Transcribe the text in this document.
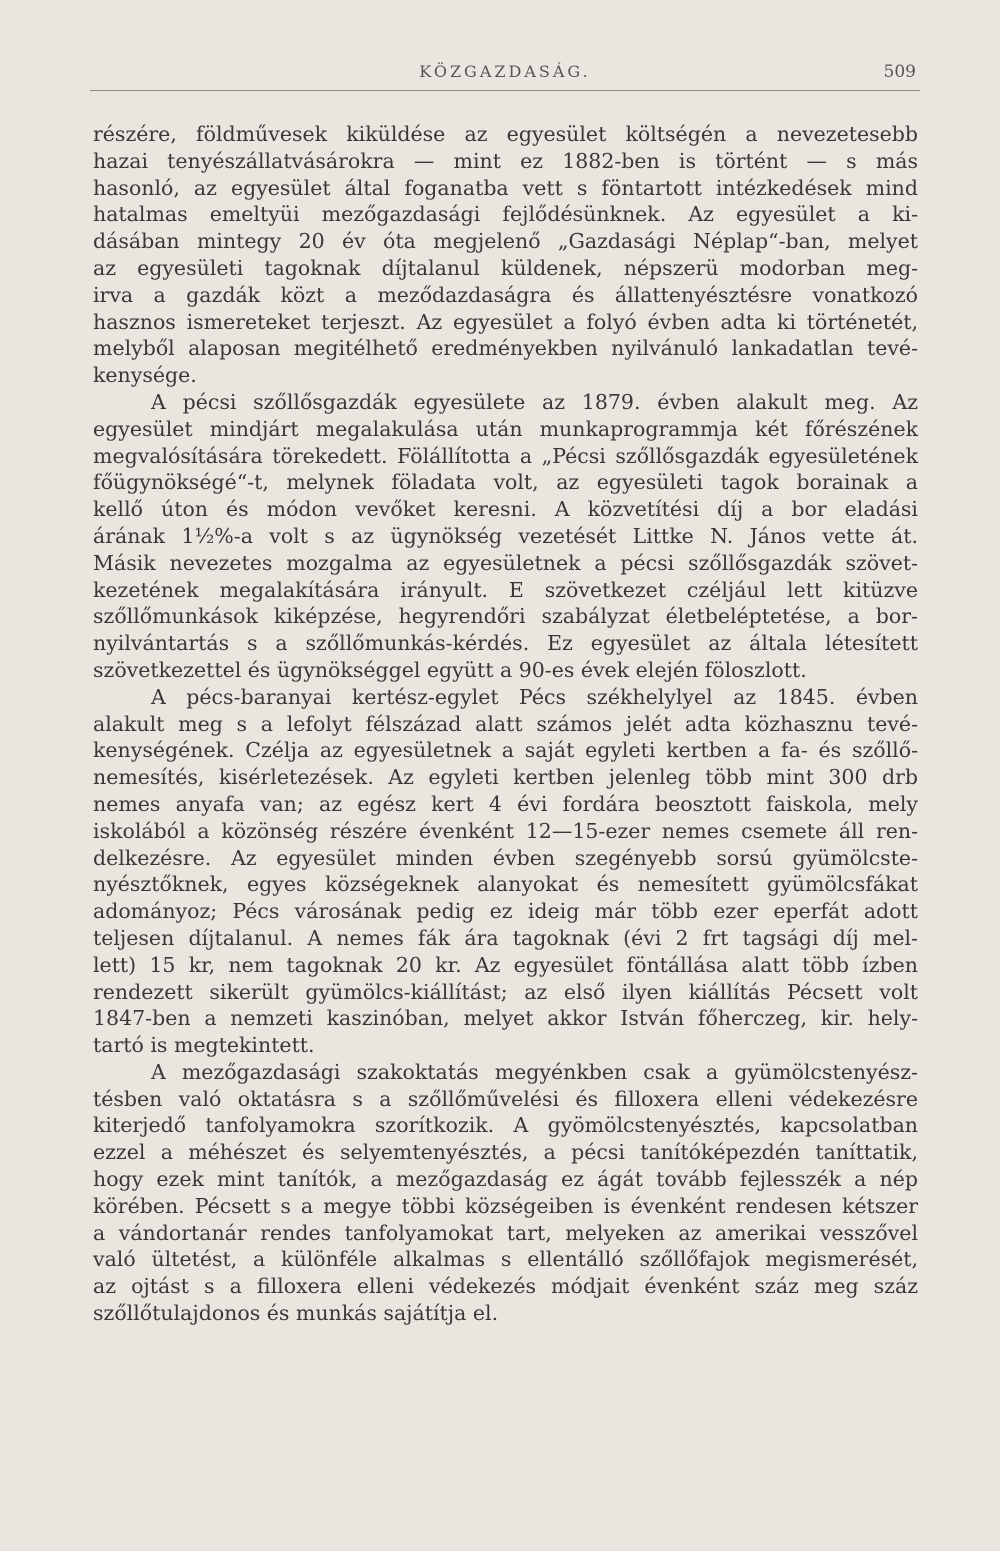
KÖZGAZDASÁG.	509
részére, földművesek kiküldése az egyesület költségén a nevezetesebb
hazai tenyészállatvásárokra — mint ez 1882-ben is történt — s más
hasonló, az egyesület által foganatba vett s föntartott intézkedések mind
hatalmas emeltyüi mezőgazdasági fejlődésünknek. Az egyesület a ki-
dásában mintegy 20 év óta megjelenő „Gazdasági Néplap“-ban, melyet
az egyesületi tagoknak díjtalanul küldenek, népszerü modorban meg-
irva a gazdák közt a meződazdaságra és állattenyésztésre vonatkozó
hasznos ismereteket terjeszt. Az egyesület a folyó évben adta ki történetét,
melyből alaposan megitélhető eredményekben nyilvánuló lankadatlan tevé-
kenysége.
A pécsi szőllősgazdák egyesülete az 1879. évben alakult meg. Az
egyesület mindjárt megalakulása után munkaprogrammja két főrészének
megvalósítására törekedett. Fölállította a „Pécsi szőllősgazdák egyesületének
főügynökségé“-t, melynek föladata volt, az egyesületi tagok borainak a
kellő úton és módon vevőket keresni. A közvetítési díj a bor eladási
árának 1½%-a volt s az ügynökség vezetését Littke N. János vette át.
Másik nevezetes mozgalma az egyesületnek a pécsi szőllősgazdák szövet-
kezetének megalakítására irányult. E szövetkezet czéljául lett kitüzve
szőllőmunkások kiképzése, hegyrendőri szabályzat életbeléptetése, a bor-
nyilvántartás s a szőllőmunkás-kérdés. Ez egyesület az általa létesített
szövetkezettel és ügynökséggel együtt a 90-es évek elején föloszlott.
A pécs-baranyai kertész-egylet Pécs székhelylyel az 1845. évben
alakult meg s a lefolyt félszázad alatt számos jelét adta közhasznu tevé-
kenységének. Czélja az egyesületnek a saját egyleti kertben a fa- és szőllő-
nemesítés, kisérletezések. Az egyleti kertben jelenleg több mint 300 drb
nemes anyafa van; az egész kert 4 évi fordára beosztott faiskola, mely
iskolából a közönség részére évenként 12—15-ezer nemes csemete áll ren-
delkezésre. Az egyesület minden évben szegényebb sorsú gyümölcste-
nyésztőknek, egyes községeknek alanyokat és nemesített gyümölcsfákat
adományoz; Pécs városának pedig ez ideig már több ezer eperfát adott
teljesen díjtalanul. A nemes fák ára tagoknak (évi 2 frt tagsági díj mel-
lett) 15 kr, nem tagoknak 20 kr. Az egyesület föntállása alatt több ízben
rendezett sikerült gyümölcs-kiállítást; az első ilyen kiállítás Pécsett volt
1847-ben a nemzeti kaszinóban, melyet akkor István főherczeg, kir. hely-
tartó is megtekintett.
A mezőgazdasági szakoktatás megyénkben csak a gyümölcstenyész-
tésben való oktatásra s a szőllőművelési és filloxera elleni védekezésre
kiterjedő tanfolyamokra szorítkozik. A gyömölcstenyésztés, kapcsolatban
ezzel a méhészet és selyemtenyésztés, a pécsi tanítóképezdén taníttatik,
hogy ezek mint tanítók, a mezőgazdaság ez ágát tovább fejlesszék a nép
körében. Pécsett s a megye többi községeiben is évenként rendesen kétszer
a vándortanár rendes tanfolyamokat tart, melyeken az amerikai vesszővel
való ültetést, a különféle alkalmas s ellentálló szőllőfajok megismerését,
az ojtást s a filloxera elleni védekezés módjait évenként száz meg száz
szőllőtulajdonos és munkás sajátítja el.
